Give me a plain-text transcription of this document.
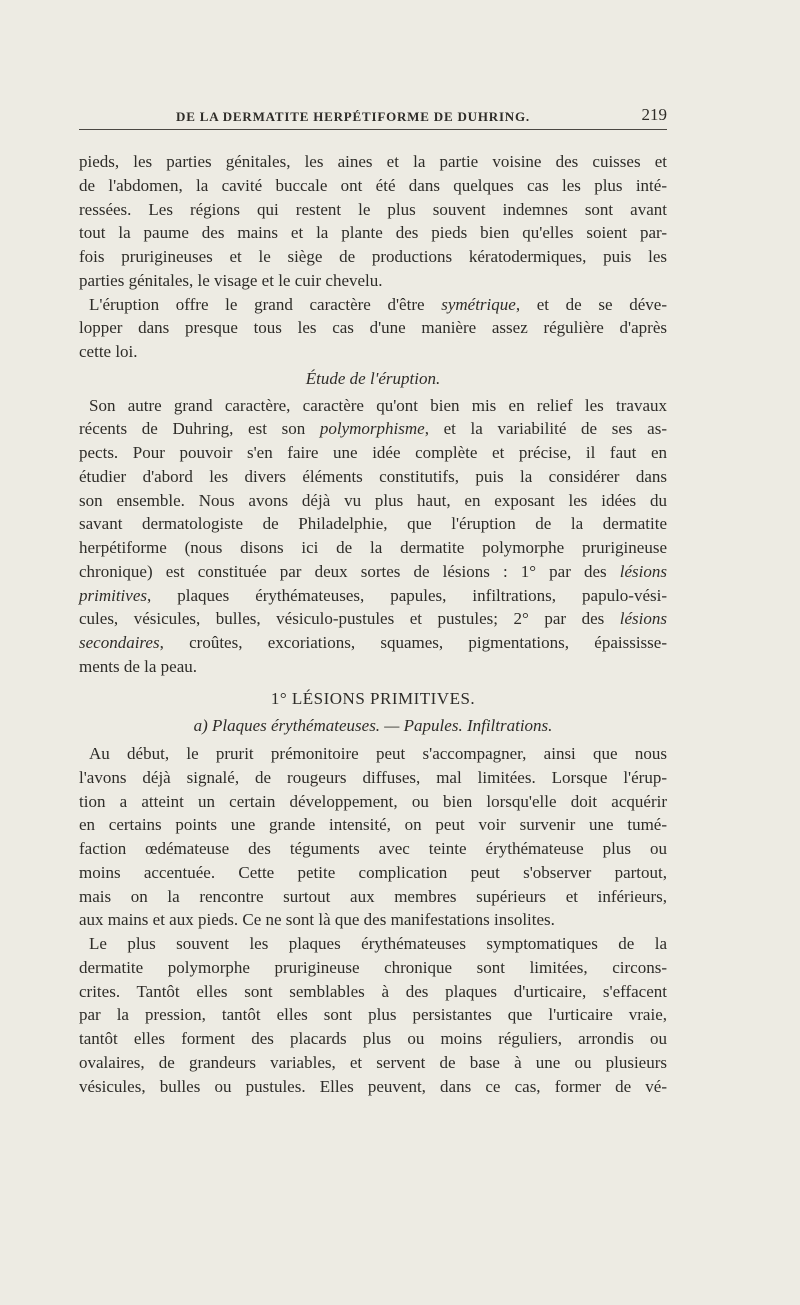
DE LA DERMATITE HERPÉTIFORME DE DUHRING.	219
pieds, les parties génitales, les aines et la partie voisine des cuisses et
de l'abdomen, la cavité buccale ont été dans quelques cas les plus inté-
ressées. Les régions qui restent le plus souvent indemnes sont avant
tout la paume des mains et la plante des pieds bien qu'elles soient par-
fois prurigineuses et le siège de productions kératodermiques, puis les
parties génitales, le visage et le cuir chevelu.
L'éruption offre le grand caractère d'être symétrique, et de se déve-
lopper dans presque tous les cas d'une manière assez régulière d'après
cette loi.
Étude de l'éruption.
Son autre grand caractère, caractère qu'ont bien mis en relief les travaux
récents de Duhring, est son polymorphisme, et la variabilité de ses as-
pects. Pour pouvoir s'en faire une idée complète et précise, il faut en
étudier d'abord les divers éléments constitutifs, puis la considérer dans
son ensemble. Nous avons déjà vu plus haut, en exposant les idées du
savant dermatologiste de Philadelphie, que l'éruption de la dermatite
herpétiforme (nous disons ici de la dermatite polymorphe prurigineuse
chronique) est constituée par deux sortes de lésions : 1° par des lésions
primitives, plaques érythémateuses, papules, infiltrations, papulo-vési-
cules, vésicules, bulles, vésiculo-pustules et pustules; 2° par des lésions
secondaires, croûtes, excoriations, squames, pigmentations, épaississe-
ments de la peau.
1° LÉSIONS PRIMITIVES.
a) Plaques érythémateuses. — Papules. Infiltrations.
Au début, le prurit prémonitoire peut s'accompagner, ainsi que nous
l'avons déjà signalé, de rougeurs diffuses, mal limitées. Lorsque l'érup-
tion a atteint un certain développement, ou bien lorsqu'elle doit acquérir
en certains points une grande intensité, on peut voir survenir une tumé-
faction œdémateuse des téguments avec teinte érythémateuse plus ou
moins accentuée. Cette petite complication peut s'observer partout,
mais on la rencontre surtout aux membres supérieurs et inférieurs,
aux mains et aux pieds. Ce ne sont là que des manifestations insolites.
Le plus souvent les plaques érythémateuses symptomatiques de la
dermatite polymorphe prurigineuse chronique sont limitées, circons-
crites. Tantôt elles sont semblables à des plaques d'urticaire, s'effacent
par la pression, tantôt elles sont plus persistantes que l'urticaire vraie,
tantôt elles forment des placards plus ou moins réguliers, arrondis ou
ovalaires, de grandeurs variables, et servent de base à une ou plusieurs
vésicules, bulles ou pustules. Elles peuvent, dans ce cas, former de vé-
